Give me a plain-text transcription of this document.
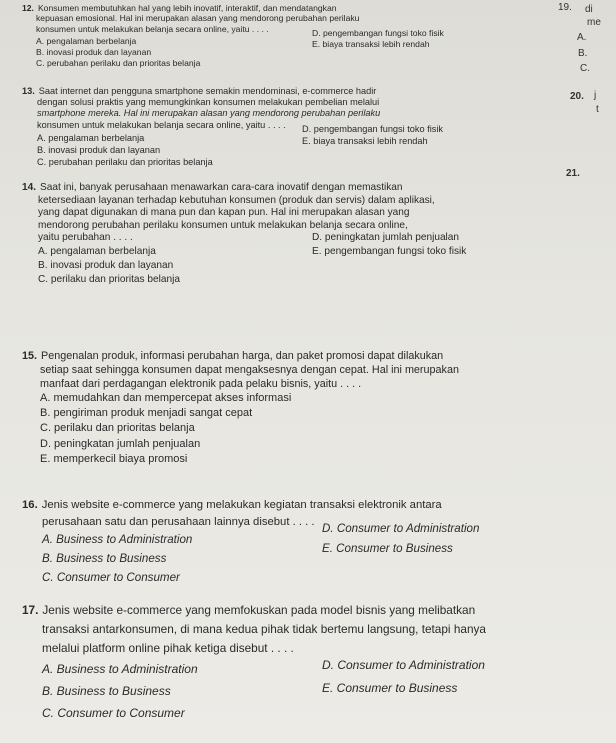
19. di
me
A.
B.
C.
20. j
t
21.
12. Konsumen membutuhkan hal yang lebih inovatif, interaktif, dan mendatangkan
kepuasan emosional. Hal ini merupakan alasan yang mendorong perubahan perilaku
konsumen untuk melakukan belanja secara online, yaitu . . . .
A. pengalaman berbelanja
B. inovasi produk dan layanan
C. perubahan perilaku dan prioritas belanja
D. pengembangan fungsi toko fisik
E. biaya transaksi lebih rendah
13. Saat internet dan pengguna smartphone semakin mendominasi, e-commerce hadir
dengan solusi praktis yang memungkinkan konsumen melakukan pembelian melalui
smartphone mereka. Hal ini merupakan alasan yang mendorong perubahan perilaku
konsumen untuk melakukan belanja secara online, yaitu . . . .
A. pengalaman berbelanja
B. inovasi produk dan layanan
C. perubahan perilaku dan prioritas belanja
D. pengembangan fungsi toko fisik
E. biaya transaksi lebih rendah
14. Saat ini, banyak perusahaan menawarkan cara-cara inovatif dengan memastikan
ketersediaan layanan terhadap kebutuhan konsumen (produk dan servis) dalam aplikasi,
yang dapat digunakan di mana pun dan kapan pun. Hal ini merupakan alasan yang
mendorong perubahan perilaku konsumen untuk melakukan belanja secara online,
yaitu perubahan . . . .
A. pengalaman berbelanja
B. inovasi produk dan layanan
C. perilaku dan prioritas belanja
D. peningkatan jumlah penjualan
E. pengembangan fungsi toko fisik
15. Pengenalan produk, informasi perubahan harga, dan paket promosi dapat dilakukan
setiap saat sehingga konsumen dapat mengaksesnya dengan cepat. Hal ini merupakan
manfaat dari perdagangan elektronik pada pelaku bisnis, yaitu . . . .
A. memudahkan dan mempercepat akses informasi
B. pengiriman produk menjadi sangat cepat
C. perilaku dan prioritas belanja
D. peningkatan jumlah penjualan
E. memperkecil biaya promosi
16. Jenis website e-commerce yang melakukan kegiatan transaksi elektronik antara
perusahaan satu dan perusahaan lainnya disebut . . . .
A. Business to Administration
B. Business to Business
C. Consumer to Consumer
D. Consumer to Administration
E. Consumer to Business
17. Jenis website e-commerce yang memfokuskan pada model bisnis yang melibatkan
transaksi antarkonsumen, di mana kedua pihak tidak bertemu langsung, tetapi hanya
melalui platform online pihak ketiga disebut . . . .
A. Business to Administration
B. Business to Business
C. Consumer to Consumer
D. Consumer to Administration
E. Consumer to Business
